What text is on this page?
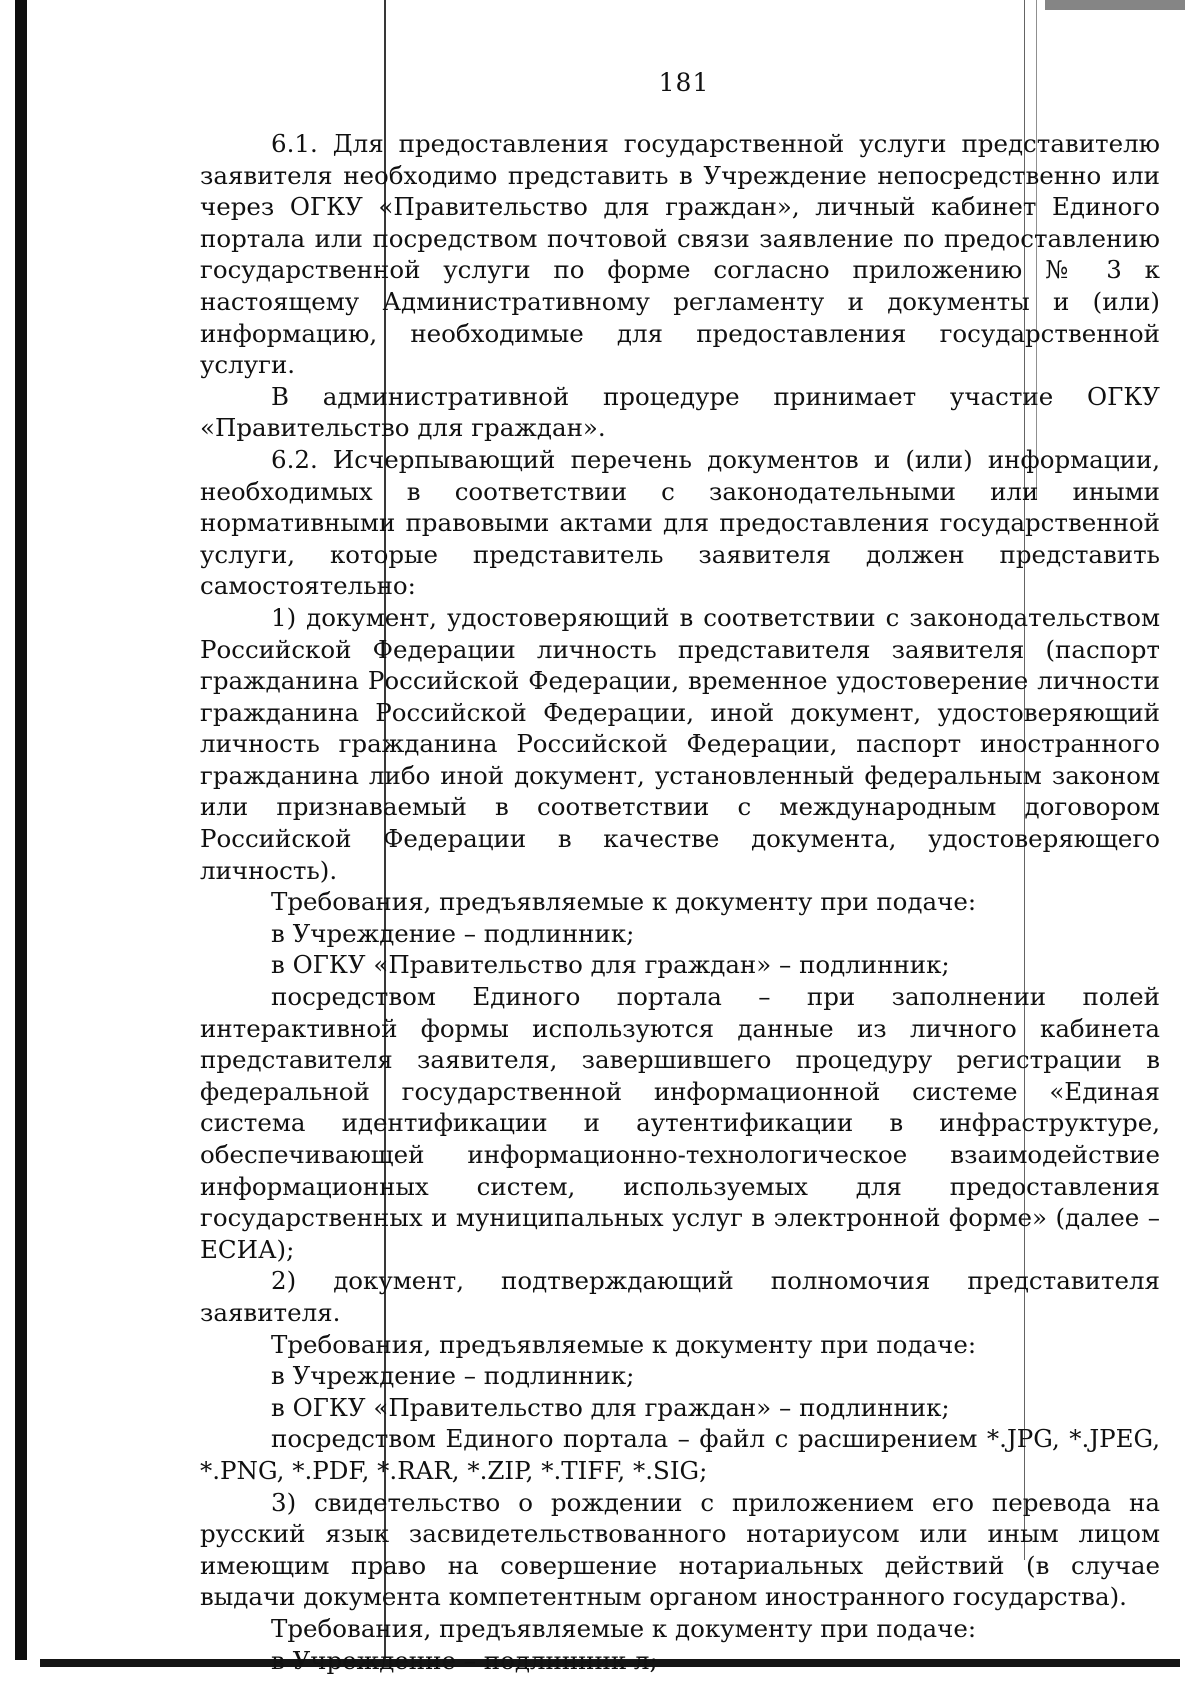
181

6.1. Для предоставления государственной услуги представителю заявителя необходимо представить в Учреждение непосредственно или через ОГКУ «Правительство для граждан», личный кабинет Единого портала или посредством почтовой связи заявление по предоставлению государственной услуги по форме согласно приложению № 3 к настоящему Административному регламенту и документы и (или) информацию, необходимые для предоставления государственной услуги.

В административной процедуре принимает участие ОГКУ «Правительство для граждан».

6.2. Исчерпывающий перечень документов и (или) информации, необходимых в соответствии с законодательными или иными нормативными правовыми актами для предоставления государственной услуги, которые представитель заявителя должен представить самостоятельно:

1) документ, удостоверяющий в соответствии с законодательством Российской Федерации личность представителя заявителя (паспорт гражданина Российской Федерации, временное удостоверение личности гражданина Российской Федерации, иной документ, удостоверяющий личность гражданина Российской Федерации, паспорт иностранного гражданина либо иной документ, установленный федеральным законом или признаваемый в соответствии с международным договором Российской Федерации в качестве документа, удостоверяющего личность).

Требования, предъявляемые к документу при подаче:

в Учреждение – подлинник;

в ОГКУ «Правительство для граждан» – подлинник;

посредством Единого портала – при заполнении полей интерактивной формы используются данные из личного кабинета представителя заявителя, завершившего процедуру регистрации в федеральной государственной информационной системе «Единая система идентификации и аутентификации в инфраструктуре, обеспечивающей информационно-технологическое взаимодействие информационных систем, используемых для предоставления государственных и муниципальных услуг в электронной форме» (далее – ЕСИА);

2) документ, подтверждающий полномочия представителя заявителя.

Требования, предъявляемые к документу при подаче:

в Учреждение – подлинник;

в ОГКУ «Правительство для граждан» – подлинник;

посредством Единого портала – файл с расширением *.JPG, *.JPEG, *.PNG, *.PDF, *.RAR, *.ZIP, *.TIFF, *.SIG;

3) свидетельство о рождении с приложением его перевода на русский язык засвидетельствованного нотариусом или иным лицом имеющим право на совершение нотариальных действий (в случае выдачи документа компетентным органом иностранного государства).

Требования, предъявляемые к документу при подаче:

в Учреждение – подлинник л;
